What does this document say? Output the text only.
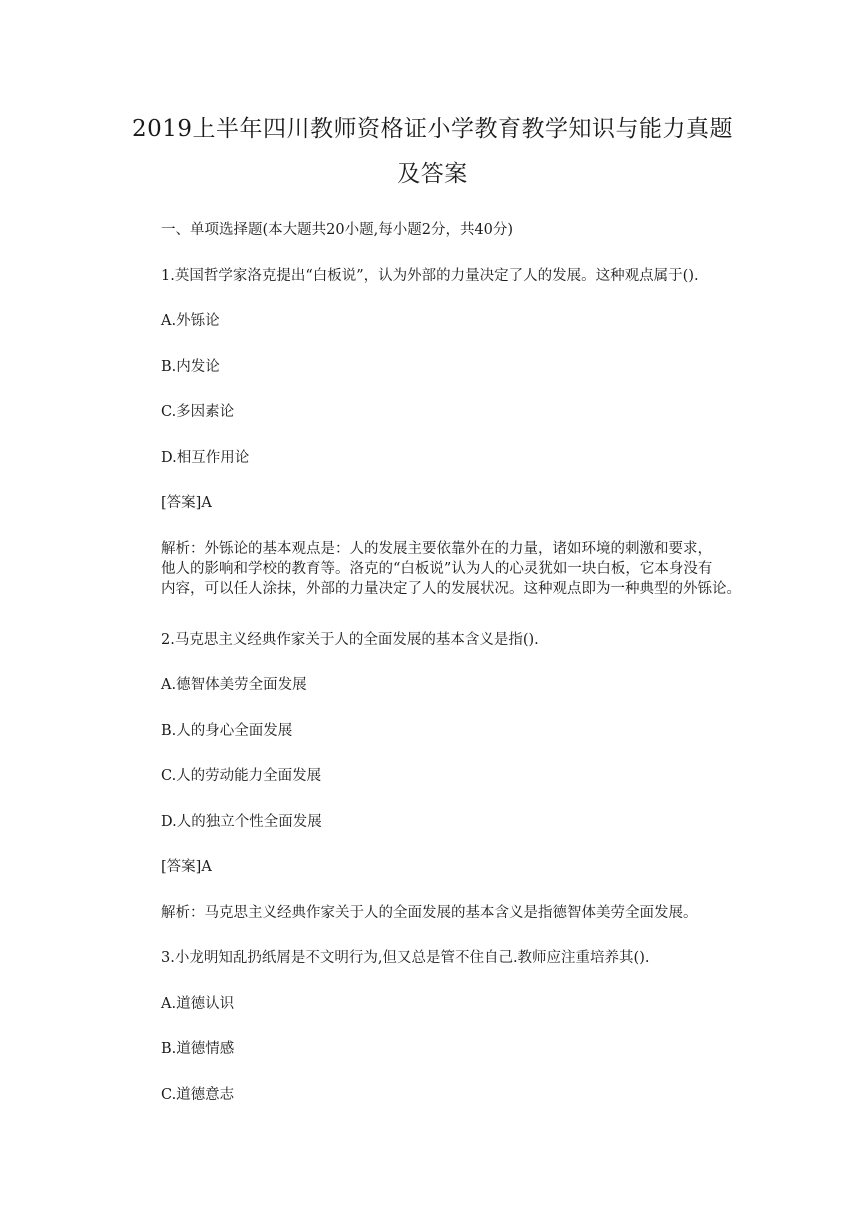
2019上半年四川教师资格证小学教育教学知识与能力真题
及答案
一、单项选择题(本大题共20小题,每小题2分，共40分)
1.英国哲学家洛克提出“白板说”，认为外部的力量决定了人的发展。这种观点属于().
A.外铄论
B.内发论
C.多因素论
D.相互作用论
[答案]A
解析：外铄论的基本观点是：人的发展主要依靠外在的力量，诸如环境的刺激和要求，
他人的影响和学校的教育等。洛克的“白板说”认为人的心灵犹如一块白板，它本身没有
内容，可以任人涂抹，外部的力量决定了人的发展状况。这种观点即为一种典型的外铄论。
2.马克思主义经典作家关于人的全面发展的基本含义是指().
A.德智体美劳全面发展
B.人的身心全面发展
C.人的劳动能力全面发展
D.人的独立个性全面发展
[答案]A
解析：马克思主义经典作家关于人的全面发展的基本含义是指德智体美劳全面发展。
3.小龙明知乱扔纸屑是不文明行为,但又总是管不住自己.教师应注重培养其().
A.道德认识
B.道德情感
C.道德意志
